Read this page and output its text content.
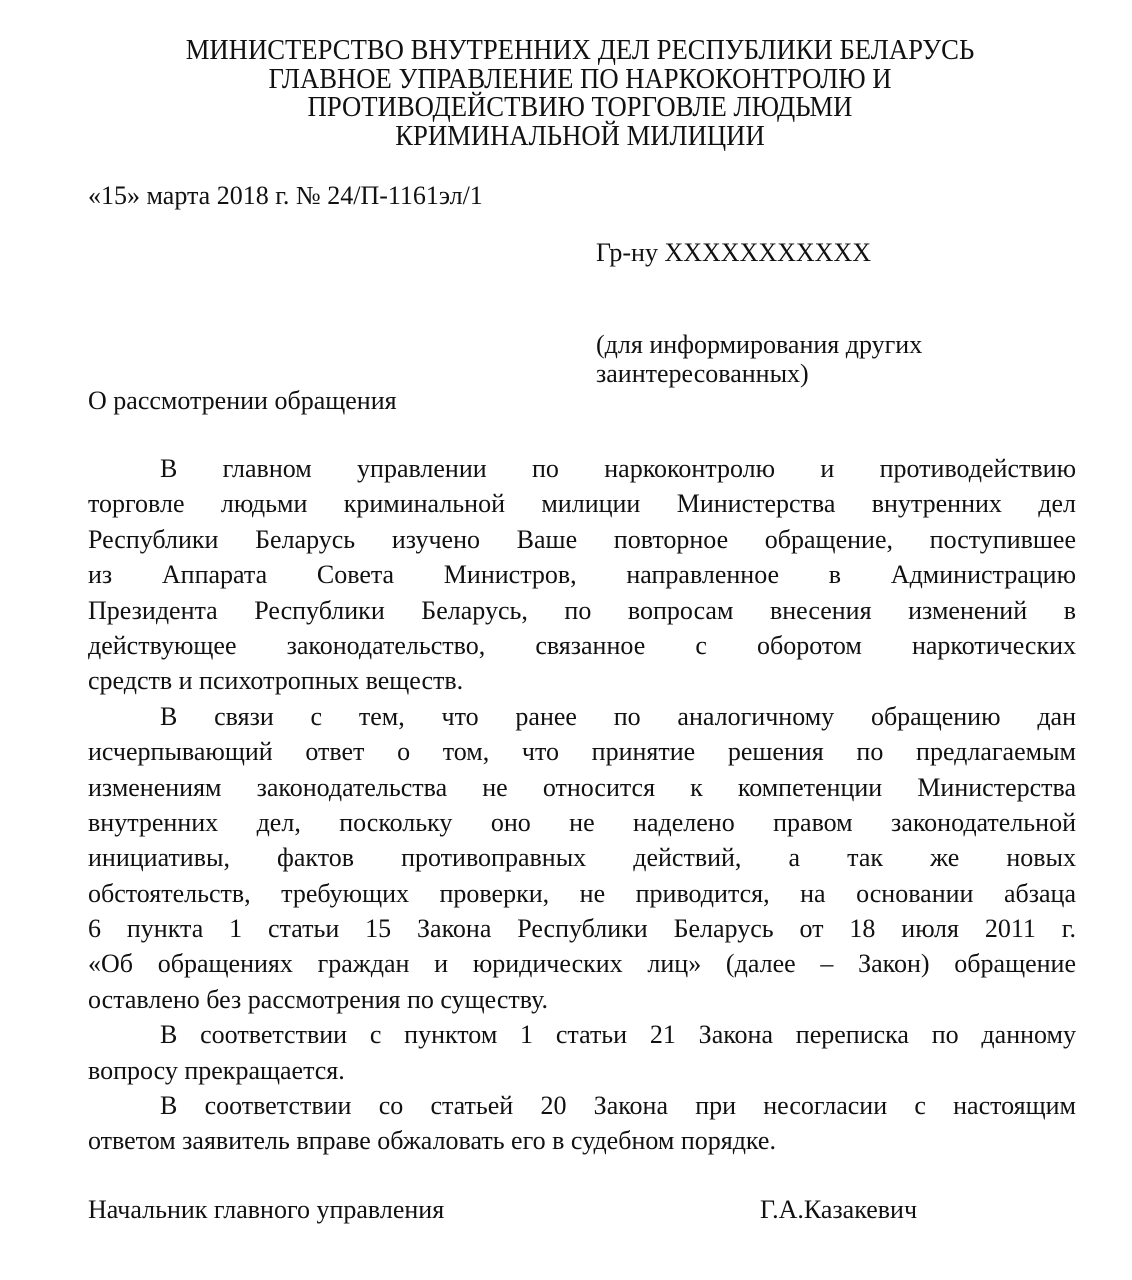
МИНИСТЕРСТВО ВНУТРЕННИХ ДЕЛ РЕСПУБЛИКИ БЕЛАРУСЬ
ГЛАВНОЕ УПРАВЛЕНИЕ ПО НАРКОКОНТРОЛЮ И
ПРОТИВОДЕЙСТВИЮ ТОРГОВЛЕ ЛЮДЬМИ
КРИМИНАЛЬНОЙ МИЛИЦИИ
«15» марта 2018 г. № 24/П-1161эл/1
Гр-ну ХХХХХХХХХХХ
(для информирования других
заинтересованных)
О рассмотрении обращения
В главном управлении по наркоконтролю и противодействию
торговле людьми криминальной милиции Министерства внутренних дел
Республики Беларусь изучено Ваше повторное обращение, поступившее
из Аппарата Совета Министров, направленное в Администрацию
Президента Республики Беларусь, по вопросам внесения изменений в
действующее законодательство, связанное с оборотом наркотических
средств и психотропных веществ.
В связи с тем, что ранее по аналогичному обращению дан
исчерпывающий ответ о том, что принятие решения по предлагаемым
изменениям законодательства не относится к компетенции Министерства
внутренних дел, поскольку оно не наделено правом законодательной
инициативы, фактов противоправных действий, а так же новых
обстоятельств, требующих проверки, не приводится, на основании абзаца
6 пункта 1 статьи 15 Закона Республики Беларусь от 18 июля 2011 г.
«Об обращениях граждан и юридических лиц» (далее – Закон) обращение
оставлено без рассмотрения по существу.
В соответствии с пунктом 1 статьи 21 Закона переписка по данному
вопросу прекращается.
В соответствии со статьей 20 Закона при несогласии с настоящим
ответом заявитель вправе обжаловать его в судебном порядке.
Начальник главного управления	Г.А.Казакевич
